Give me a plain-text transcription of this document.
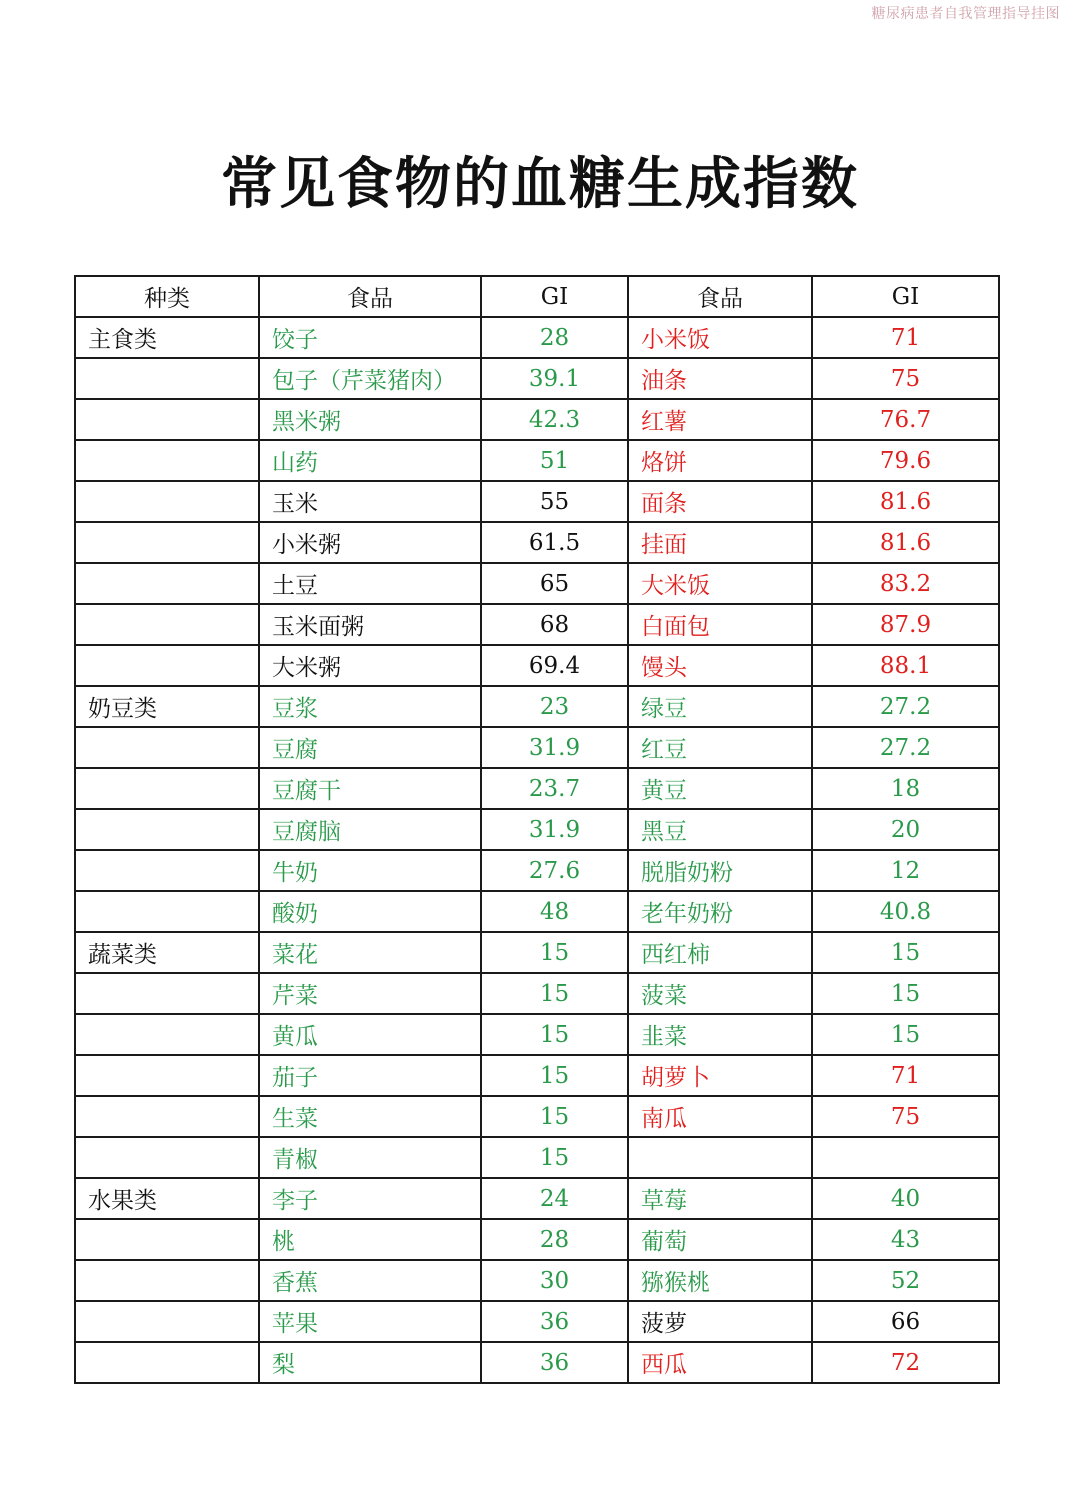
糖尿病患者自我管理指导挂图
常见食物的血糖生成指数
种类	食品	GI	食品	GI
主食类	饺子	28	小米饭	71
	包子（芹菜猪肉）	39.1	油条	75
	黑米粥	42.3	红薯	76.7
	山药	51	烙饼	79.6
	玉米	55	面条	81.6
	小米粥	61.5	挂面	81.6
	土豆	65	大米饭	83.2
	玉米面粥	68	白面包	87.9
	大米粥	69.4	馒头	88.1
奶豆类	豆浆	23	绿豆	27.2
	豆腐	31.9	红豆	27.2
	豆腐干	23.7	黄豆	18
	豆腐脑	31.9	黑豆	20
	牛奶	27.6	脱脂奶粉	12
	酸奶	48	老年奶粉	40.8
蔬菜类	菜花	15	西红柿	15
	芹菜	15	菠菜	15
	黄瓜	15	韭菜	15
	茄子	15	胡萝卜	71
	生菜	15	南瓜	75
	青椒	15		
水果类	李子	24	草莓	40
	桃	28	葡萄	43
	香蕉	30	猕猴桃	52
	苹果	36	菠萝	66
	梨	36	西瓜	72
